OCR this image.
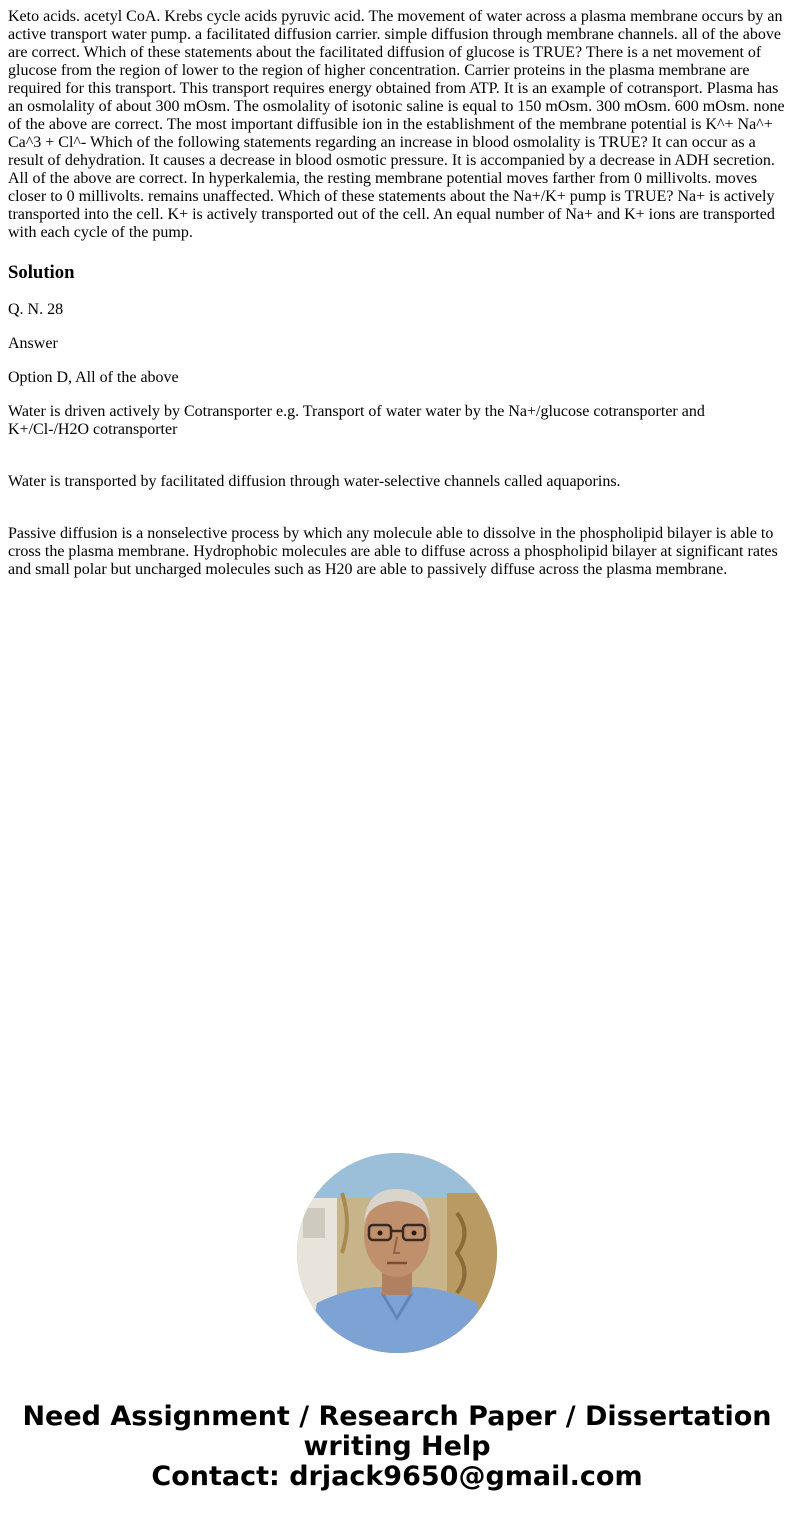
Keto acids. acetyl CoA. Krebs cycle acids pyruvic acid. The movement of water across a plasma membrane occurs by an active transport water pump. a facilitated diffusion carrier. simple diffusion through membrane channels. all of the above are correct. Which of these statements about the facilitated diffusion of glucose is TRUE? There is a net movement of glucose from the region of lower to the region of higher concentration. Carrier proteins in the plasma membrane are required for this transport. This transport requires energy obtained from ATP. It is an example of cotransport. Plasma has an osmolality of about 300 mOsm. The osmolality of isotonic saline is equal to 150 mOsm. 300 mOsm. 600 mOsm. none of the above are correct. The most important diffusible ion in the establishment of the membrane potential is K^+ Na^+ Ca^3 + Cl^- Which of the following statements regarding an increase in blood osmolality is TRUE? It can occur as a result of dehydration. It causes a decrease in blood osmotic pressure. It is accompanied by a decrease in ADH secretion. All of the above are correct. In hyperkalemia, the resting membrane potential moves farther from 0 millivolts. moves closer to 0 millivolts. remains unaffected. Which of these statements about the Na+/K+ pump is TRUE? Na+ is actively transported into the cell. K+ is actively transported out of the cell. An equal number of Na+ and K+ ions are transported with each cycle of the pump.

Solution

Q. N. 28

Answer

Option D, All of the above

Water is driven actively by Cotransporter e.g. Transport of water water by the Na+/glucose cotransporter and K+/Cl-/H2O cotransporter

Water is transported by facilitated diffusion through water-selective channels called aquaporins.

Passive diffusion is a nonselective process by which any molecule able to dissolve in the phospholipid bilayer is able to cross the plasma membrane. Hydrophobic molecules are able to diffuse across a phospholipid bilayer at significant rates and small polar but uncharged molecules such as H20 are able to passively diffuse across the plasma membrane.

Need Assignment / Research Paper / Dissertation
writing Help
Contact: drjack9650@gmail.com
